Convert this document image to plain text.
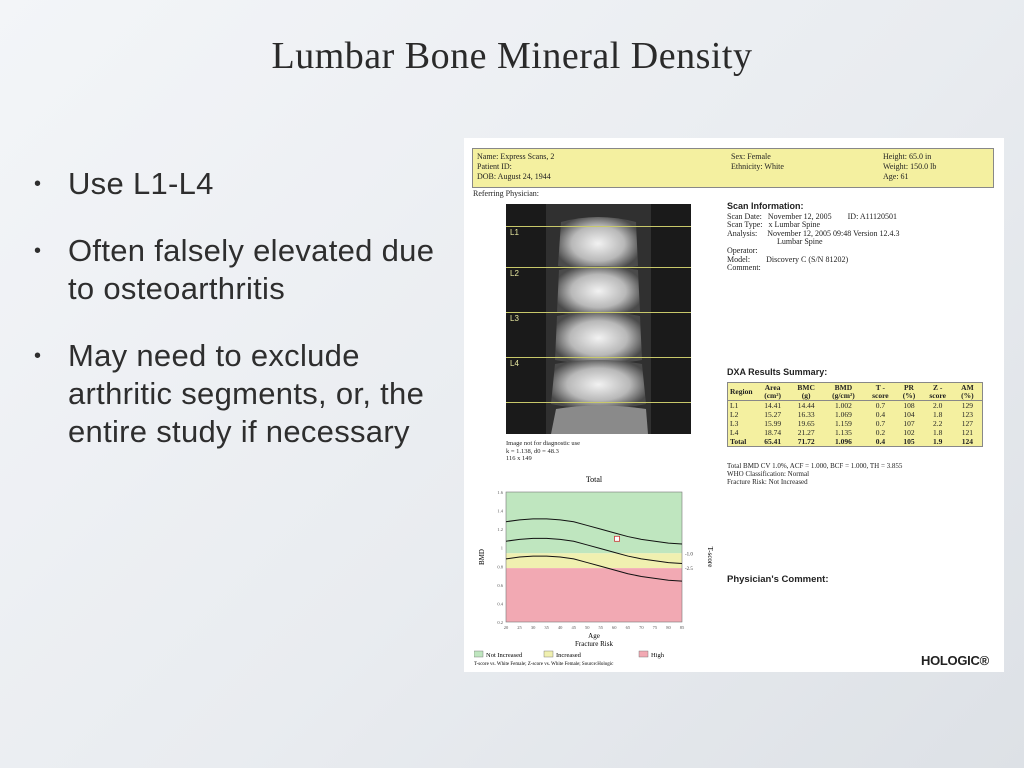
Lumbar Bone Mineral Density
• Use L1-L4
• Often falsely elevated due to osteoarthritis
• May need to exclude arthritic segments, or, the entire study if necessary
Name: Express Scans, 2
Patient ID:
DOB: August 24, 1944
Sex: Female
Ethnicity: White
Height: 65.0 in
Weight: 150.0 lb
Age: 61
Referring Physician:
L1
L2
L3
L4
Image not for diagnostic use
k = 1.138, d0 = 48.3
116 x 149
Scan Information:
Scan Date:   November 12, 2005        ID: A11120501
Scan Type:   x Lumbar Spine
Analysis:     November 12, 2005 09:48 Version 12.4.3
Lumbar Spine
Operator:
Model:        Discovery C (S/N 81202)
Comment:
DXA Results Summary:
Region	Area (cm²)	BMC (g)	BMD (g/cm²)	T - score	PR (%)	Z - score	AM (%)
L1	14.41	14.44	1.002	0.7	108	2.0	129
L2	15.27	16.33	1.069	0.4	104	1.8	123
L3	15.99	19.65	1.159	0.7	107	2.2	127
L4	18.74	21.27	1.135	0.2	102	1.8	121
Total	65.41	71.72	1.096	0.4	105	1.9	124
Total BMD CV 1.0%, ACF = 1.000, BCF = 1.000, TH = 3.855
WHO Classification: Normal
Fracture Risk: Not Increased
Total
0.2
0.4
0.6
0.8
1
1.2
1.4
1.6
20 25 30 35 40 45 50 55 60 65 70 75 80 85
-1.0
-2.5
T-score
BMD
Age
Fracture Risk
Not Increased	Increased	High
T-score vs. White Female; Z-score vs. White Female; Source:Hologic
Physician's Comment:
HOLOGIC®
